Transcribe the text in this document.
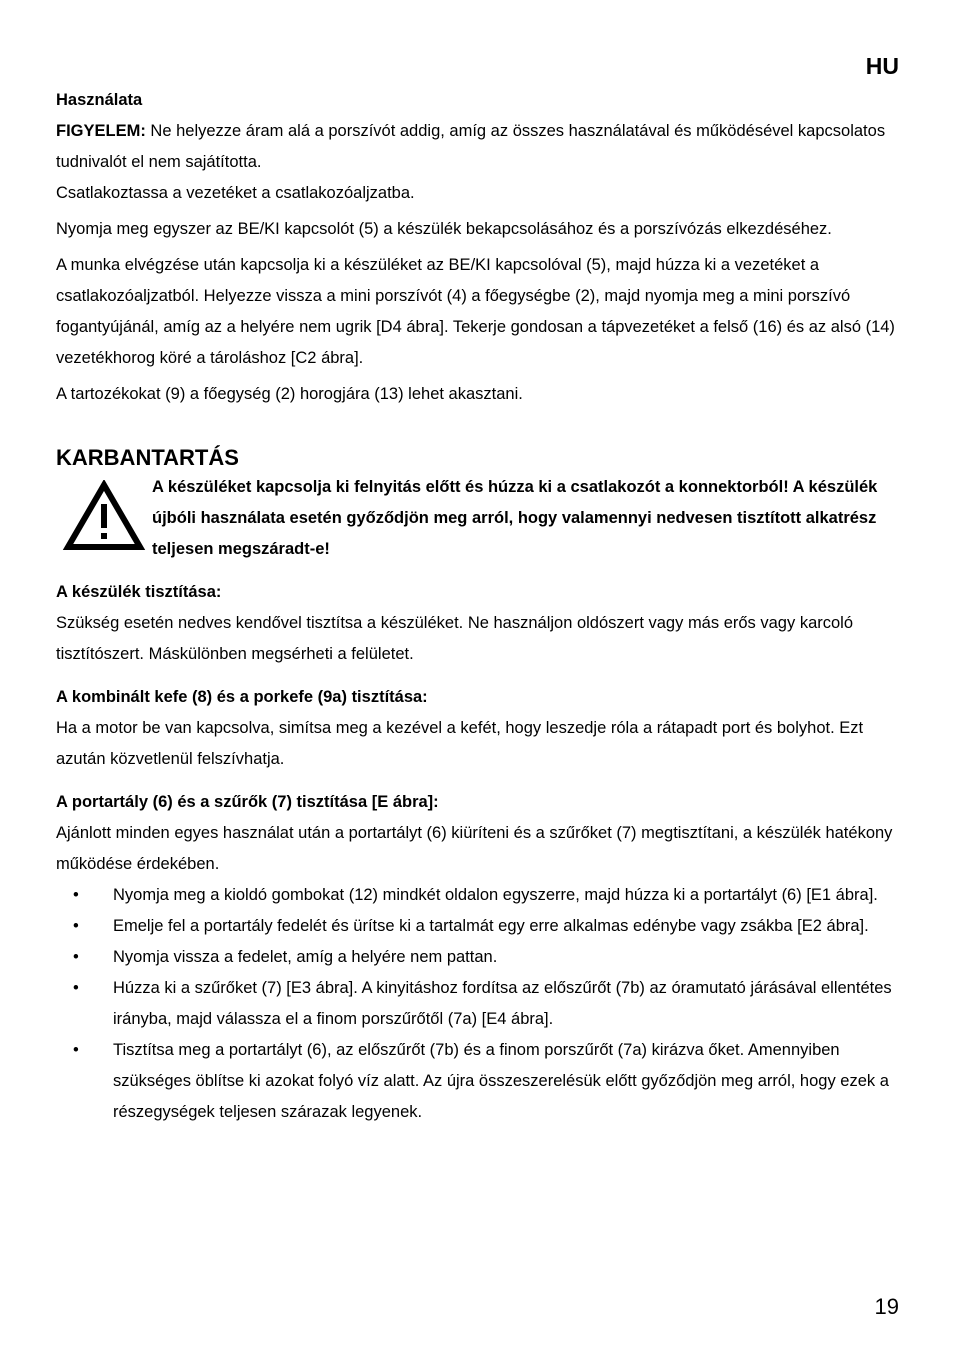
HU

Használata

FIGYELEM: Ne helyezze áram alá a porszívót addig, amíg az összes használatával és működésével kapcsolatos tudnivalót el nem sajátította.

Csatlakoztassa a vezetéket a csatlakozóaljzatba.

Nyomja meg egyszer az BE/KI kapcsolót (5) a készülék bekapcsolásához és a porszívózás elkezdéséhez.

A munka elvégzése után kapcsolja ki a készüléket az BE/KI kapcsolóval (5), majd húzza ki a vezetéket a csatlakozóaljzatból. Helyezze vissza a mini porszívót (4) a főegységbe (2), majd nyomja meg a mini porszívó fogantyújánál, amíg az a helyére nem ugrik [D4 ábra]. Tekerje gondosan a tápvezetéket a felső (16) és az alsó (14) vezetékhorog köré a tároláshoz [C2 ábra].

A tartozékokat (9) a főegység (2) horogjára (13) lehet akasztani.

KARBANTARTÁS

A készüléket kapcsolja ki felnyitás előtt és húzza ki a csatlakozót a konnektorból! A készülék újbóli használata esetén győződjön meg arról, hogy valamennyi nedvesen tisztított alkatrész teljesen megszáradt-e!

A készülék tisztítása:

Szükség esetén nedves kendővel tisztítsa a készüléket. Ne használjon oldószert vagy más erős vagy karcoló tisztítószert. Máskülönben megsérheti a felületet.

A kombinált kefe (8) és a porkefe (9a) tisztítása:

Ha a motor be van kapcsolva, simítsa meg a kezével a kefét, hogy leszedje róla a rátapadt port és bolyhot. Ezt azután közvetlenül felszívhatja.

A portartály (6) és a szűrők (7) tisztítása [E ábra]:

Ajánlott minden egyes használat után a portartályt (6) kiüríteni és a szűrőket (7) megtisztítani, a készülék hatékony működése érdekében.

• Nyomja meg a kioldó gombokat (12) mindkét oldalon egyszerre, majd húzza ki a portartályt (6) [E1 ábra].
• Emelje fel a portartály fedelét és ürítse ki a tartalmát egy erre alkalmas edénybe vagy zsákba [E2 ábra].
• Nyomja vissza a fedelet, amíg a helyére nem pattan.
• Húzza ki a szűrőket (7) [E3 ábra]. A kinyitáshoz fordítsa az előszűrőt (7b) az óramutató járásával ellentétes irányba, majd válassza el a finom porszűrőtől (7a) [E4 ábra].
• Tisztítsa meg a portartályt (6), az előszűrőt (7b) és a finom porszűrőt (7a) kirázva őket. Amennyiben szükséges öblítse ki azokat folyó víz alatt. Az újra összeszerelésük előtt győződjön meg arról, hogy ezek a részegységek teljesen szárazak legyenek.
19
